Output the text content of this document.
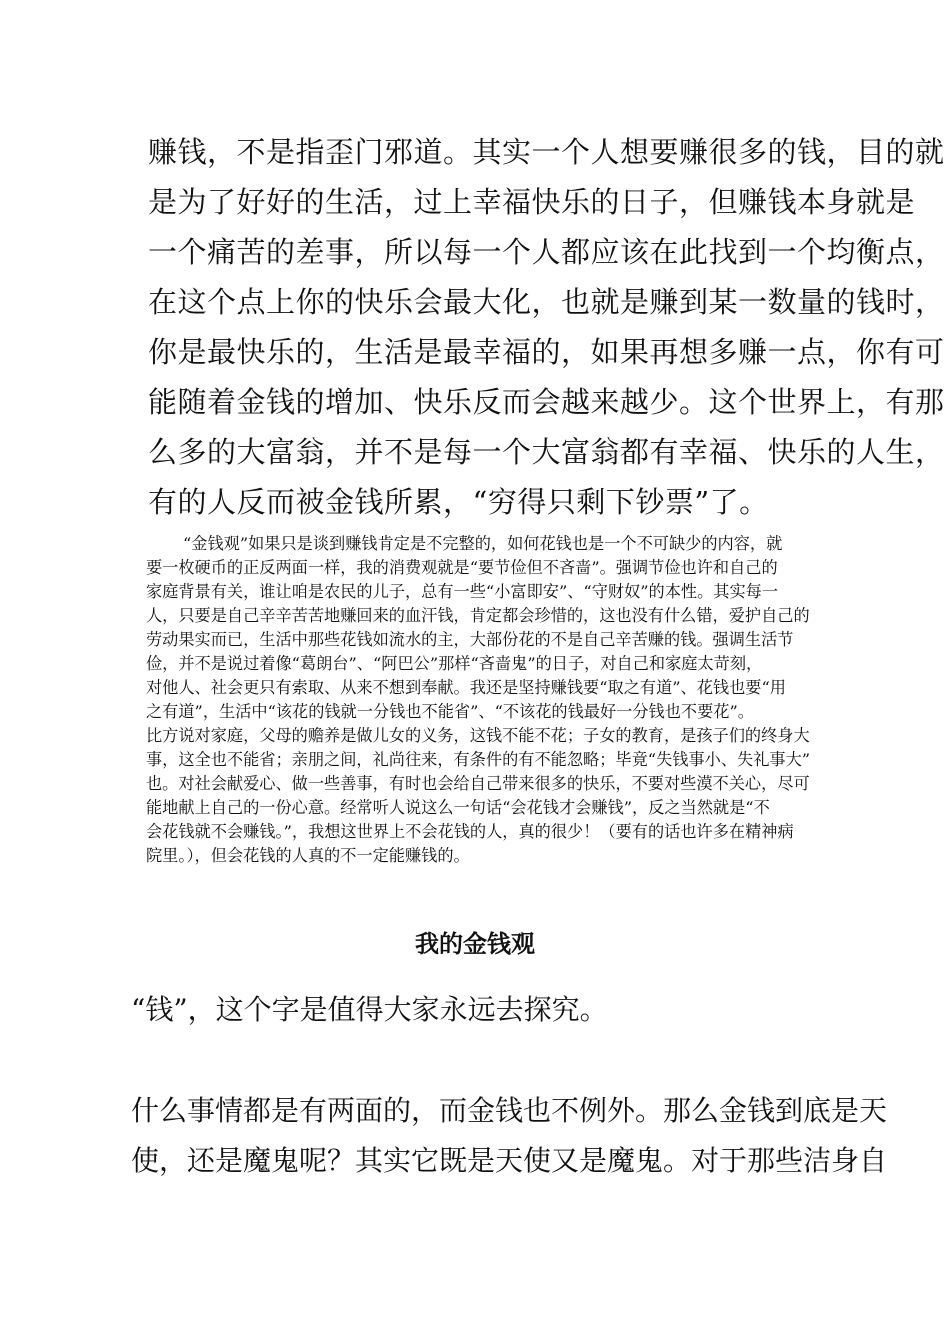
赚钱，不是指歪门邪道。其实一个人想要赚很多的钱，目的就

是为了好好的生活，过上幸福快乐的日子，但赚钱本身就是

一个痛苦的差事，所以每一个人都应该在此找到一个均衡点，

在这个点上你的快乐会最大化，也就是赚到某一数量的钱时，

你是最快乐的，生活是最幸福的，如果再想多赚一点，你有可

能随着金钱的增加、快乐反而会越来越少。这个世界上，有那

么多的大富翁，并不是每一个大富翁都有幸福、快乐的人生，

有的人反而被金钱所累，“穷得只剩下钞票”了。

“金钱观”如果只是谈到赚钱肯定是不完整的，如何花钱也是一个不可缺少的内容，就

要一枚硬币的正反两面一样，我的消费观就是“要节俭但不吝啬”。强调节俭也许和自己的

家庭背景有关，谁让咱是农民的儿子，总有一些“小富即安”、“守财奴”的本性。其实每一

人，只要是自己辛辛苦苦地赚回来的血汗钱，肯定都会珍惜的，这也没有什么错，爱护自己的

劳动果实而已，生活中那些花钱如流水的主，大部份花的不是自己辛苦赚的钱。强调生活节

俭，并不是说过着像“葛朗台”、“阿巴公”那样“吝啬鬼”的日子，对自己和家庭太苛刻，

对他人、社会更只有索取、从来不想到奉献。我还是坚持赚钱要“取之有道”、花钱也要“用

之有道”，生活中“该花的钱就一分钱也不能省”、“不该花的钱最好一分钱也不要花”。

比方说对家庭，父母的赡养是做儿女的义务，这钱不能不花；子女的教育，是孩子们的终身大

事，这全也不能省；亲朋之间，礼尚往来，有条件的有不能忽略；毕竟“失钱事小、失礼事大”

也。对社会献爱心、做一些善事，有时也会给自己带来很多的快乐，不要对些漠不关心，尽可

能地献上自己的一份心意。经常听人说这么一句话“会花钱才会赚钱”，反之当然就是“不

会花钱就不会赚钱。”，我想这世界上不会花钱的人，真的很少！（要有的话也许多在精神病

院里。），但会花钱的人真的不一定能赚钱的。

我的金钱观

“钱”，这个字是值得大家永远去探究。

什么事情都是有两面的，而金钱也不例外。那么金钱到底是天

使，还是魔鬼呢？其实它既是天使又是魔鬼。对于那些洁身自
